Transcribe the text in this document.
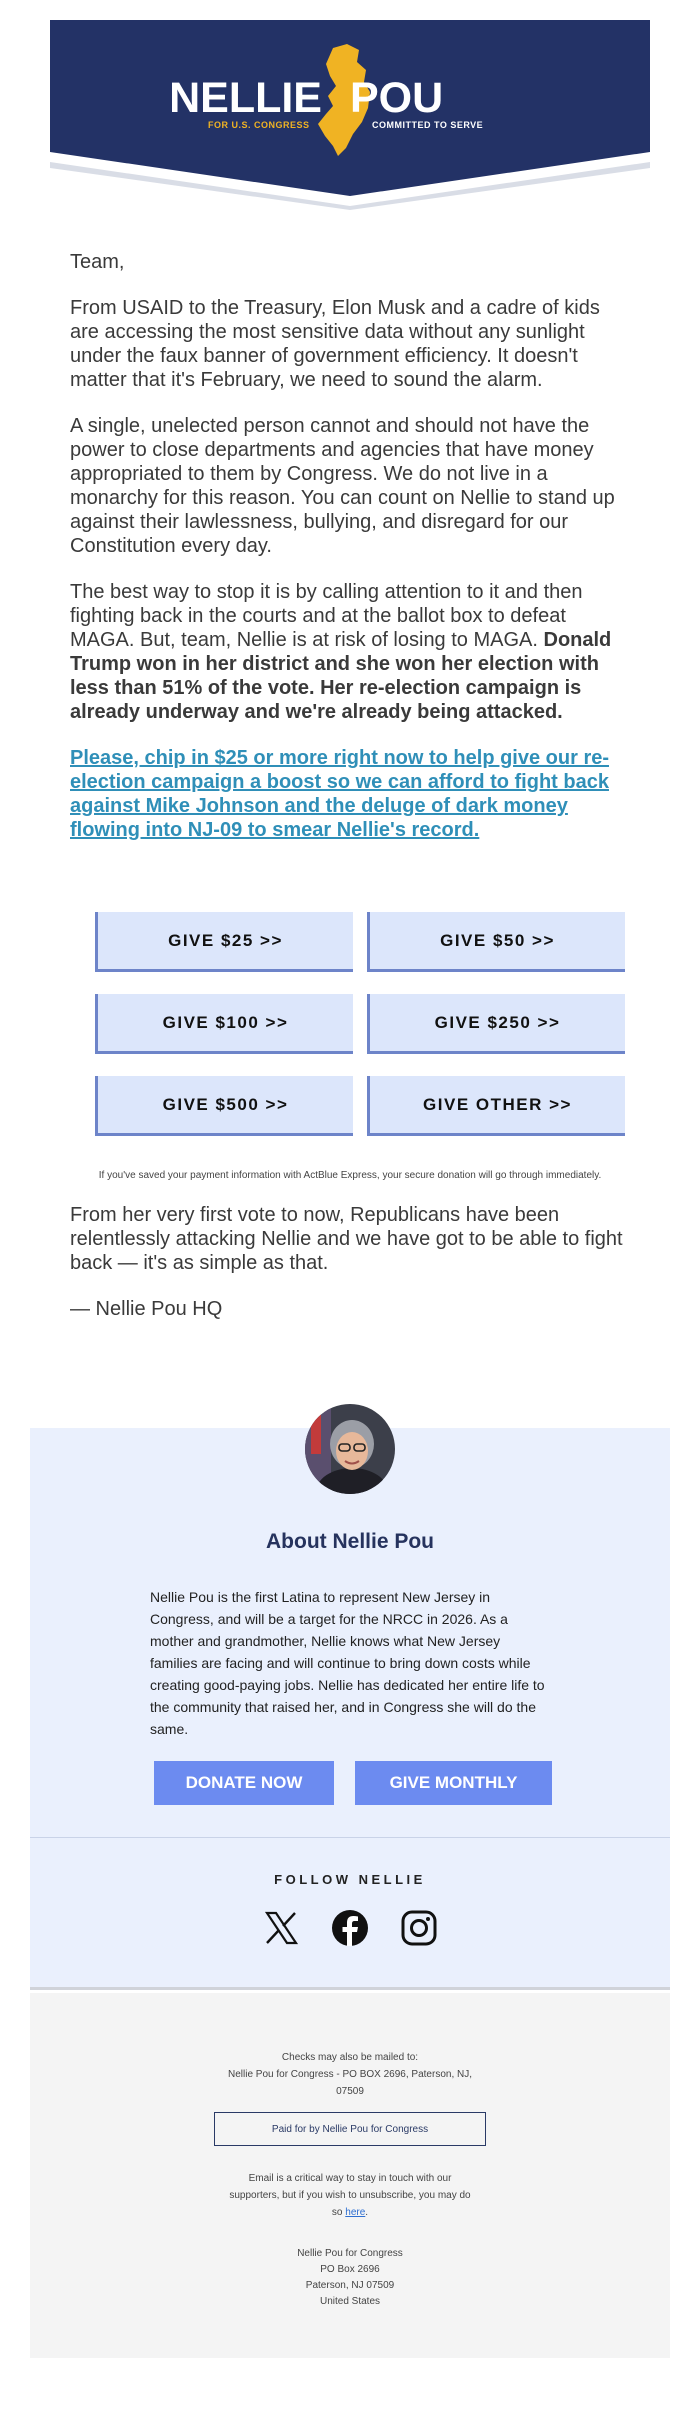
NELLIE POU
FOR U.S. CONGRESS	COMMITTED TO SERVE

Team,

From USAID to the Treasury, Elon Musk and a cadre of kids are accessing the most sensitive data without any sunlight under the faux banner of government efficiency. It doesn't matter that it's February, we need to sound the alarm.

A single, unelected person cannot and should not have the power to close departments and agencies that have money appropriated to them by Congress. We do not live in a monarchy for this reason. You can count on Nellie to stand up against their lawlessness, bullying, and disregard for our Constitution every day.

The best way to stop it is by calling attention to it and then fighting back in the courts and at the ballot box to defeat MAGA. But, team, Nellie is at risk of losing to MAGA. Donald Trump won in her district and she won her election with less than 51% of the vote. Her re-election campaign is already underway and we're already being attacked.

Please, chip in $25 or more right now to help give our re-election campaign a boost so we can afford to fight back against Mike Johnson and the deluge of dark money flowing into NJ-09 to smear Nellie's record.
GIVE $25 >>	GIVE $50 >>
GIVE $100 >>	GIVE $250 >>
GIVE $500 >>	GIVE OTHER >>
If you've saved your payment information with ActBlue Express, your secure donation will go through immediately.

From her very first vote to now, Republicans have been relentlessly attacking Nellie and we have got to be able to fight back — it's as simple as that.

— Nellie Pou HQ

About Nellie Pou
Nellie Pou is the first Latina to represent New Jersey in Congress, and will be a target for the NRCC in 2026. As a mother and grandmother, Nellie knows what New Jersey families are facing and will continue to bring down costs while creating good-paying jobs. Nellie has dedicated her entire life to the community that raised her, and in Congress she will do the same.
DONATE NOW	GIVE MONTHLY
FOLLOW NELLIE
Checks may also be mailed to:
Nellie Pou for Congress - PO BOX 2696, Paterson, NJ,
07509
Paid for by Nellie Pou for Congress
Email is a critical way to stay in touch with our
supporters, but if you wish to unsubscribe, you may do
so here.
Nellie Pou for Congress
PO Box 2696
Paterson, NJ 07509
United States
